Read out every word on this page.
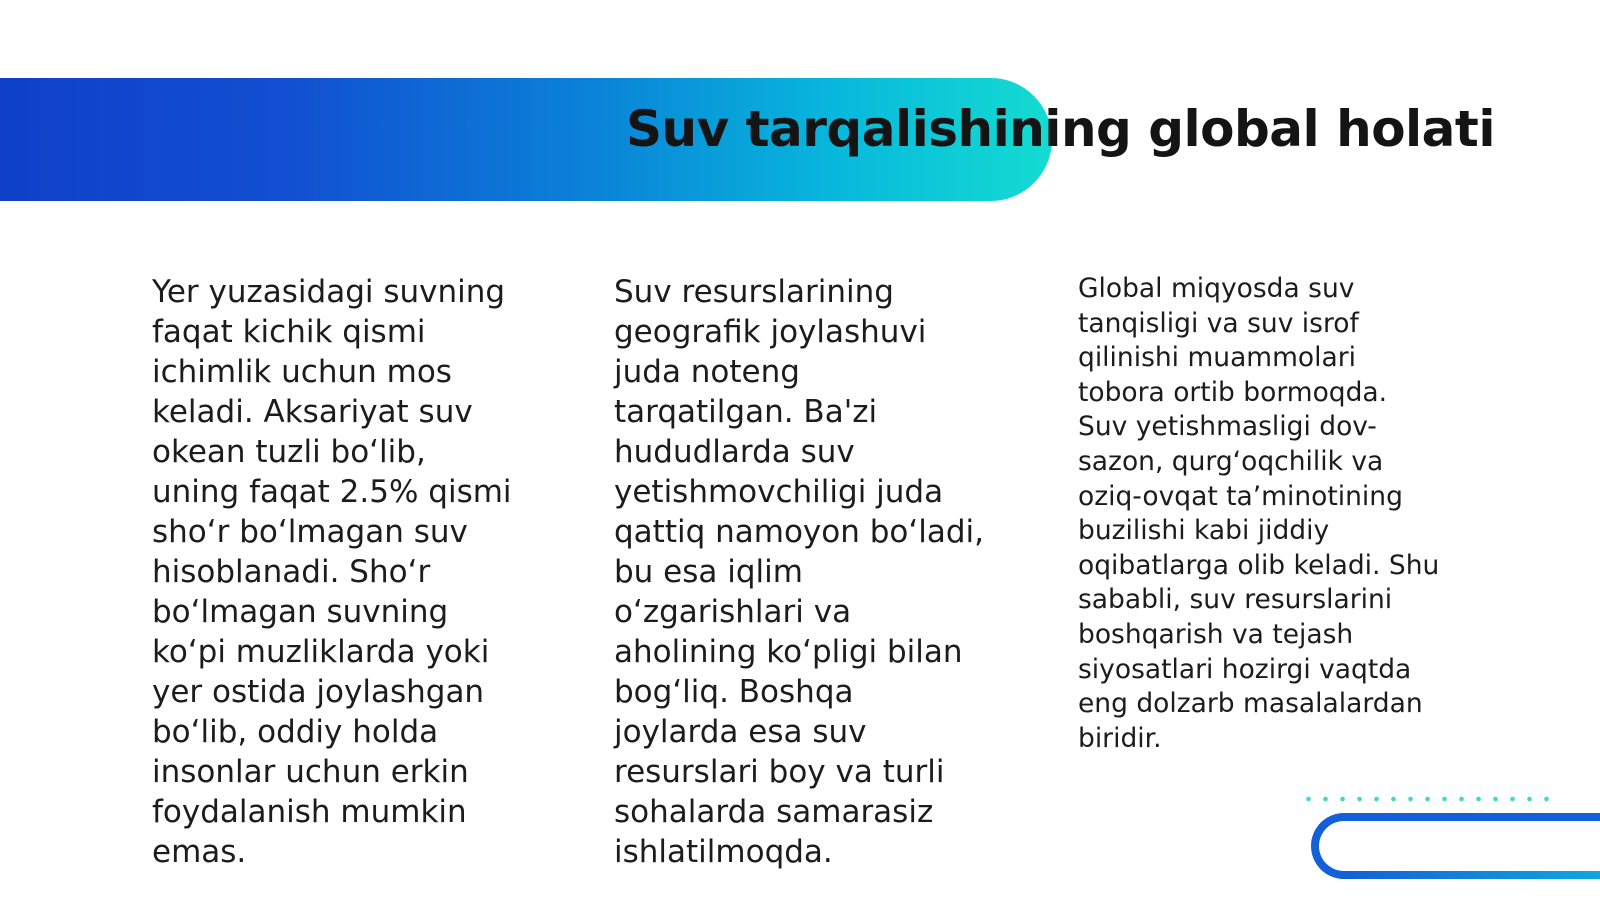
Suv tarqalishining global holati

Yer yuzasidagi suvning
faqat kichik qismi
ichimlik uchun mos
keladi. Aksariyat suv
okean tuzli bo‘lib,
uning faqat 2.5% qismi
sho‘r bo‘lmagan suv
hisoblanadi. Sho‘r
bo‘lmagan suvning
ko‘pi muzliklarda yoki
yer ostida joylashgan
bo‘lib, oddiy holda
insonlar uchun erkin
foydalanish mumkin
emas.

Suv resurslarining
geografik joylashuvi
juda noteng
tarqatilgan. Ba'zi
hududlarda suv
yetishmovchiligi juda
qattiq namoyon bo‘ladi,
bu esa iqlim
o‘zgarishlari va
aholining ko‘pligi bilan
bog‘liq. Boshqa
joylarda esa suv
resurslari boy va turli
sohalarda samarasiz
ishlatilmoqda.

Global miqyosda suv
tanqisligi va suv isrof
qilinishi muammolari
tobora ortib bormoqda.
Suv yetishmasligi dov-
sazon, qurg‘oqchilik va
oziq-ovqat ta’minotining
buzilishi kabi jiddiy
oqibatlarga olib keladi. Shu
sababli, suv resurslarini
boshqarish va tejash
siyosatlari hozirgi vaqtda
eng dolzarb masalalardan
biridir.
